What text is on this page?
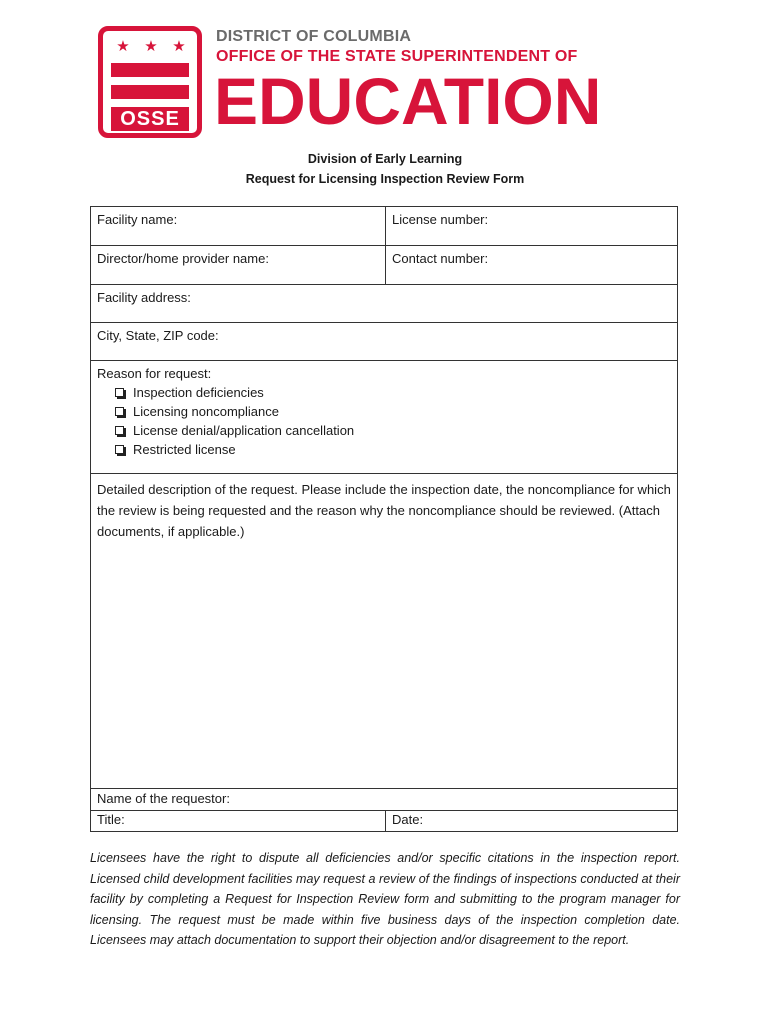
★ ★ ★
OSSE
DISTRICT OF COLUMBIA
OFFICE OF THE STATE SUPERINTENDENT OF
EDUCATION
Division of Early Learning
Request for Licensing Inspection Review Form
Facility name:	License number:
Director/home provider name:	Contact number:
Facility address:
City, State, ZIP code:
Reason for request:
Inspection deficiencies
Licensing noncompliance
License denial/application cancellation
Restricted license
Detailed description of the request. Please include the inspection date, the noncompliance for which the review is being requested and the reason why the noncompliance should be reviewed. (Attach documents, if applicable.)
Name of the requestor:
Title:	Date:
Licensees have the right to dispute all deficiencies and/or specific citations in the inspection report. Licensed child development facilities may request a review of the findings of inspections conducted at their facility by completing a Request for Inspection Review form and submitting to the program manager for licensing. The request must be made within five business days of the inspection completion date. Licensees may attach documentation to support their objection and/or disagreement to the report.
